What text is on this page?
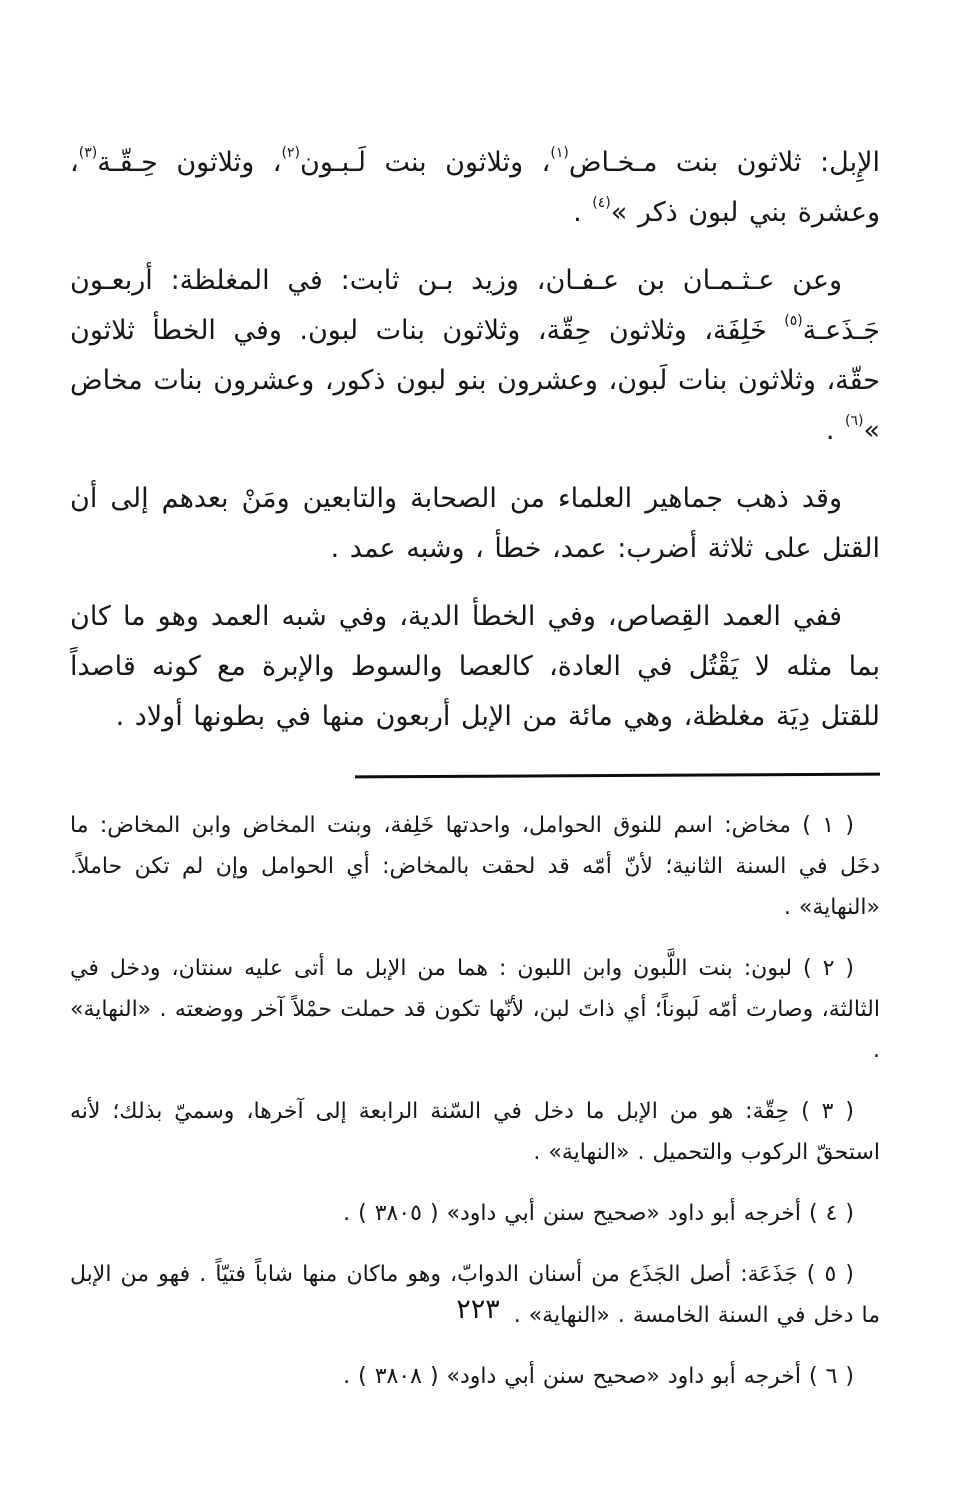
الإِبل: ثلاثون بنت مـخـاض$^{(١)}$، وثلاثون بنت لَـبـون$^{(٢)}$، وثلاثون حِـقّـة$^{(٣)}$، وعشرة بني لبون ذكر »$^{(٤)}$ .

وعن عـثـمـان بن عـفـان، وزيد بـن ثابت: في المغلظة: أربعـون جَـذَعـة$^{(٥)}$ خَلِفَة، وثلاثون حِقّة، وثلاثون بنات لبون. وفي الخطأ ثلاثون حقّة، وثلاثون بنات لَبون، وعشرون بنو لبون ذكور، وعشرون بنات مخاض »$^{(٦)}$ .

وقد ذهب جماهير العلماء من الصحابة والتابعين ومَنْ بعدهم إلى أن القتل على ثلاثة أضرب: عمد، خطأ ، وشبه عمد .

ففي العمد القِصاص، وفي الخطأ الدية، وفي شبه العمد وهو ما كان بما مثله لا يَقْتُل في العادة، كالعصا والسوط والإبرة مع كونه قاصداً للقتل دِيَة مغلظة، وهي مائة من الإبل أربعون منها في بطونها أولاد .

( ١ ) مخاض: اسم للنوق الحوامل، واحدتها خَلِفة، وبنت المخاض وابن المخاض: ما دخَل في السنة الثانية؛ لأنّ أمّه قد لحقت بالمخاض: أي الحوامل وإن لم تكن حاملاً. «النهاية» .

( ٢ ) لبون: بنت اللَّبون وابن اللبون : هما من الإبل ما أتى عليه سنتان، ودخل في الثالثة، وصارت أمّه لَبوناً؛ أي ذاتَ لبن، لأنّها تكون قد حملت حمْلاً آخر ووضعته . «النهاية» .

( ٣ ) حِقّة: هو من الإبل ما دخل في السّنة الرابعة إلى آخرها، وسميّ بذلك؛ لأنه استحقّ الركوب والتحميل . «النهاية» .

( ٤ ) أخرجه أبو داود «صحيح سنن أبي داود» ( ٣٨٠٥ ) .

( ٥ ) جَذَعَة: أصل الجَذَع من أسنان الدوابّ، وهو ماكان منها شاباً فتيّاً . فهو من الإبل ما دخل في السنة الخامسة . «النهاية» .

( ٦ ) أخرجه أبو داود «صحيح سنن أبي داود» ( ٣٨٠٨ ) .

٢٢٣
